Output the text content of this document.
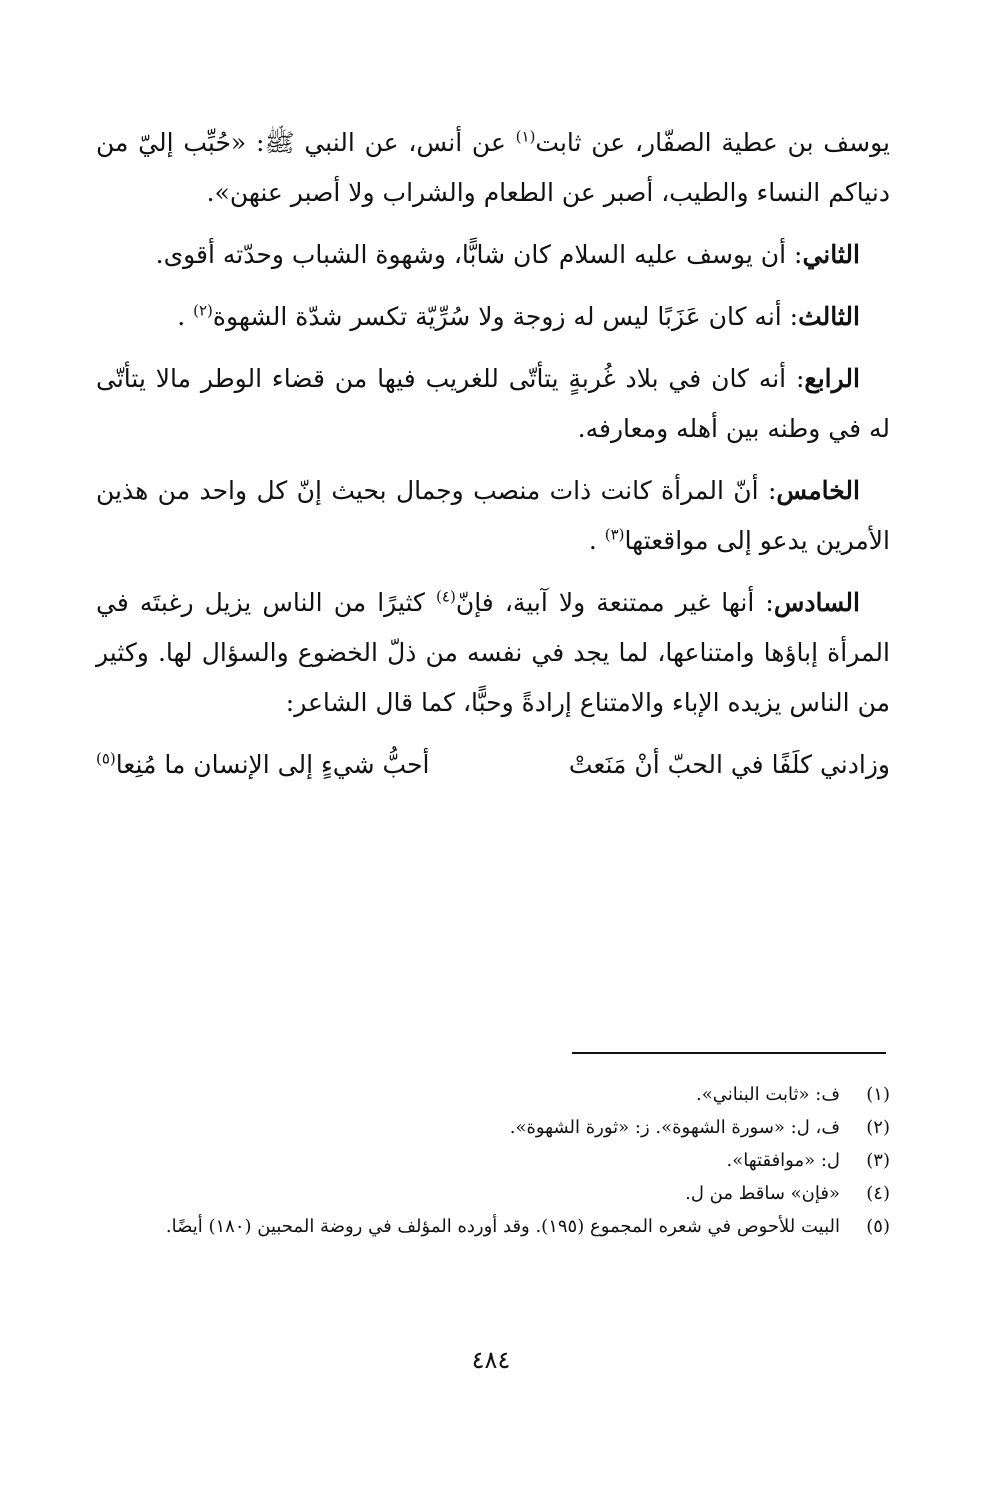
يوسف بن عطية الصفّار، عن ثابت$^{(١)}$ عن أنس، عن النبي ﷺ: «حُبِّب إليّ من دنياكم النساء والطيب، أصبر عن الطعام والشراب ولا أصبر عنهن».

الثاني: أن يوسف عليه السلام كان شابًّا، وشهوة الشباب وحدّته أقوى.

الثالث: أنه كان عَزَبًا ليس له زوجة ولا سُرِّيّة تكسر شدّة الشهوة$^{(٢)}$ .

الرابع: أنه كان في بلاد غُربةٍ يتأتّى للغريب فيها من قضاء الوطر مالا يتأتّى له في وطنه بين أهله ومعارفه.

الخامس: أنّ المرأة كانت ذات منصب وجمال بحيث إنّ كل واحد من هذين الأمرين يدعو إلى مواقعتها$^{(٣)}$ .

السادس: أنها غير ممتنعة ولا آبية، فإنّ$^{(٤)}$ كثيرًا من الناس يزيل رغبتَه في المرأة إباؤها وامتناعها، لما يجد في نفسه من ذلّ الخضوع والسؤال لها. وكثير من الناس يزيده الإباء والامتناع إرادةً وحبًّا، كما قال الشاعر:

وزادني كلَفًا في الحبّ أنْ مَنَعتْ
أحبُّ شيءٍ إلى الإنسان ما مُنِعا$^{(٥)}$
(١)
ف: «ثابت البناني».
(٢)
ف، ل: «سورة الشهوة». ز: «ثورة الشهوة».
(٣)
ل: «موافقتها».
(٤)
«فإن» ساقط من ل.
(٥)
البيت للأحوص في شعره المجموع (١٩٥). وقد أورده المؤلف في روضة المحبين (١٨٠) أيضًا.
٤٨٤
